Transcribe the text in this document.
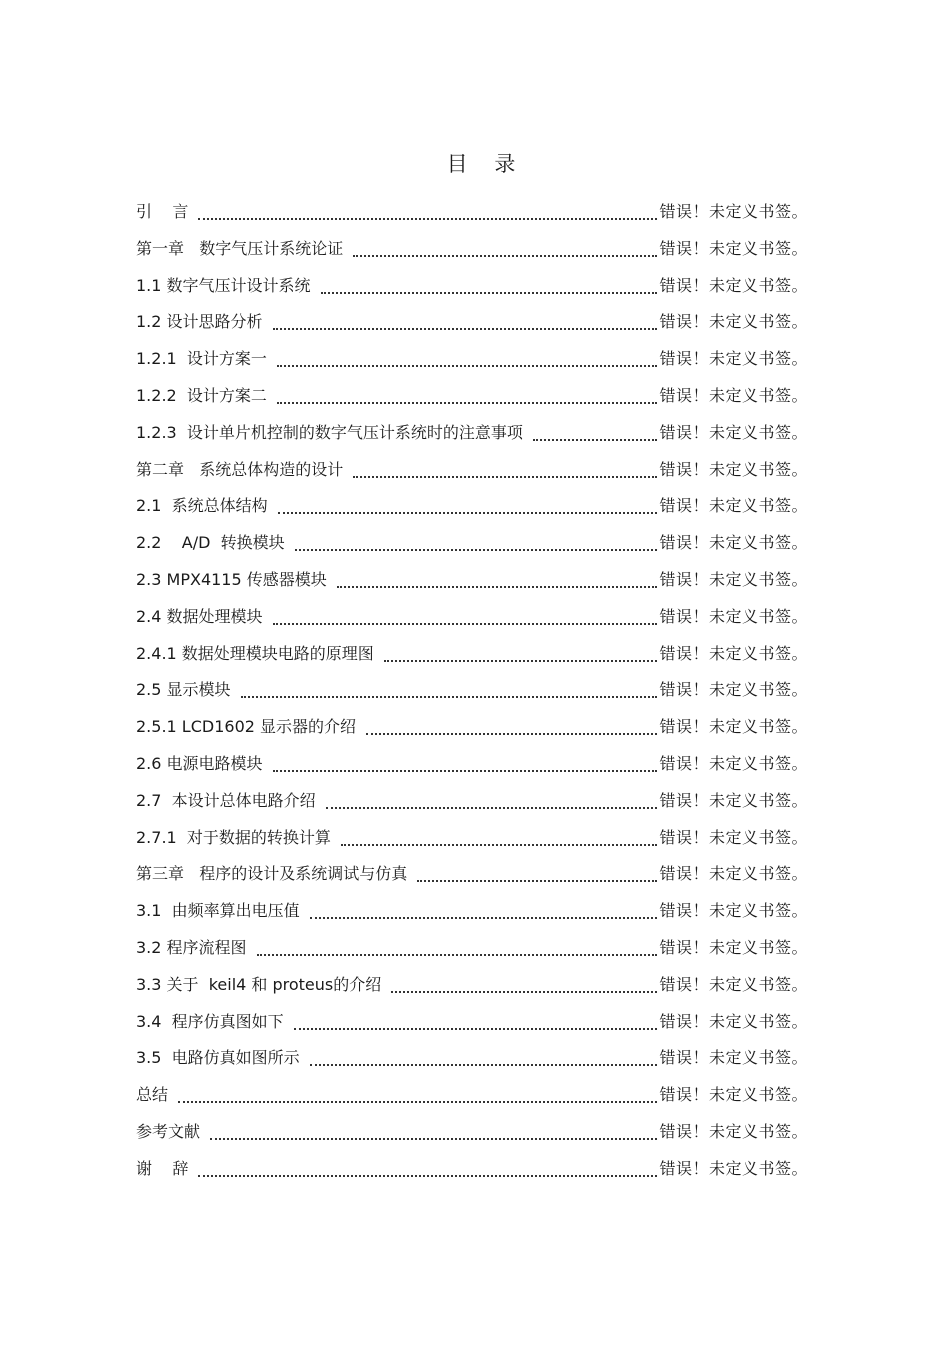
目 录
引    言	错误！未定义书签。
第一章   数字气压计系统论证	错误！未定义书签。
1.1 数字气压计设计系统	错误！未定义书签。
1.2 设计思路分析	错误！未定义书签。
1.2.1  设计方案一	错误！未定义书签。
1.2.2  设计方案二	错误！未定义书签。
1.2.3  设计单片机控制的数字气压计系统时的注意事项	错误！未定义书签。
第二章   系统总体构造的设计	错误！未定义书签。
2.1  系统总体结构	错误！未定义书签。
2.2    A/D  转换模块	错误！未定义书签。
2.3 MPX4115 传感器模块	错误！未定义书签。
2.4 数据处理模块	错误！未定义书签。
2.4.1 数据处理模块电路的原理图	错误！未定义书签。
2.5 显示模块	错误！未定义书签。
2.5.1 LCD1602 显示器的介绍	错误！未定义书签。
2.6 电源电路模块	错误！未定义书签。
2.7  本设计总体电路介绍	错误！未定义书签。
2.7.1  对于数据的转换计算	错误！未定义书签。
第三章   程序的设计及系统调试与仿真	错误！未定义书签。
3.1  由频率算出电压值	错误！未定义书签。
3.2 程序流程图	错误！未定义书签。
3.3 关于  keil4 和 proteus的介绍	错误！未定义书签。
3.4  程序仿真图如下	错误！未定义书签。
3.5  电路仿真如图所示	错误！未定义书签。
总结	错误！未定义书签。
参考文献	错误！未定义书签。
谢    辞	错误！未定义书签。
